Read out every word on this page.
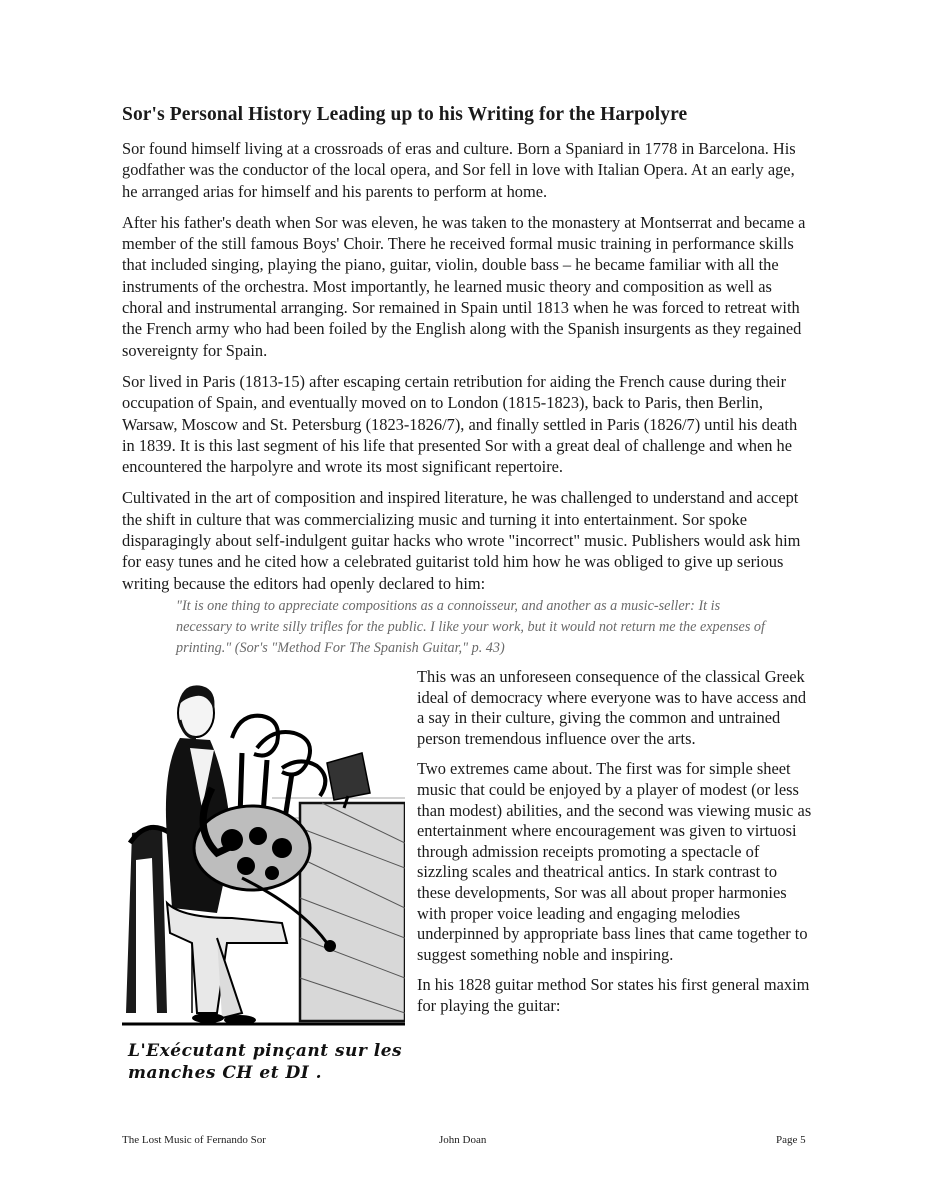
Sor's Personal History Leading up to his Writing for the Harpolyre

Sor found himself living at a crossroads of eras and culture. Born a Spaniard in 1778 in Barcelona. His godfather was the conductor of the local opera, and Sor fell in love with Italian Opera. At an early age, he arranged arias for himself and his parents to perform at home.

After his father's death when Sor was eleven, he was taken to the monastery at Montserrat and became a member of the still famous Boys' Choir. There he received formal music training in performance skills that included singing, playing the piano, guitar, violin, double bass – he became familiar with all the instruments of the orchestra. Most importantly, he learned music theory and composition as well as choral and instrumental arranging. Sor remained in Spain until 1813 when he was forced to retreat with the French army who had been foiled by the English along with the Spanish insurgents as they regained sovereignty for Spain.

Sor lived in Paris (1813-15) after escaping certain retribution for aiding the French cause during their occupation of Spain, and eventually moved on to London (1815-1823), back to Paris, then Berlin, Warsaw, Moscow and St. Petersburg (1823-1826/7), and finally settled in Paris (1826/7) until his death in 1839. It is this last segment of his life that presented Sor with a great deal of challenge and when he encountered the harpolyre and wrote its most significant repertoire.

Cultivated in the art of composition and inspired literature, he was challenged to understand and accept the shift in culture that was commercializing music and turning it into entertainment. Sor spoke disparagingly about self-indulgent guitar hacks who wrote "incorrect" music. Publishers would ask him for easy tunes and he cited how a celebrated guitarist told him how he was obliged to give up serious writing because the editors had openly declared to him:

"It is one thing to appreciate compositions as a connoisseur, and another as a music-seller: It is necessary to write silly trifles for the public. I like your work, but it would not return me the expenses of printing." (Sor's "Method For The Spanish Guitar," p. 43)

L'Exécutant pinçant sur les manches CH et DI .

This was an unforeseen consequence of the classical Greek ideal of democracy where everyone was to have access and a say in their culture, giving the common and untrained person tremendous influence over the arts.

Two extremes came about. The first was for simple sheet music that could be enjoyed by a player of modest (or less than modest) abilities, and the second was viewing music as entertainment where encouragement was given to virtuosi through admission receipts promoting a spectacle of sizzling scales and theatrical antics. In stark contrast to these developments, Sor was all about proper harmonies with proper voice leading and engaging melodies underpinned by appropriate bass lines that came together to suggest something noble and inspiring.

In his 1828 guitar method Sor states his first general maxim for playing the guitar:

The Lost Music of Fernando Sor	John Doan	Page 5
